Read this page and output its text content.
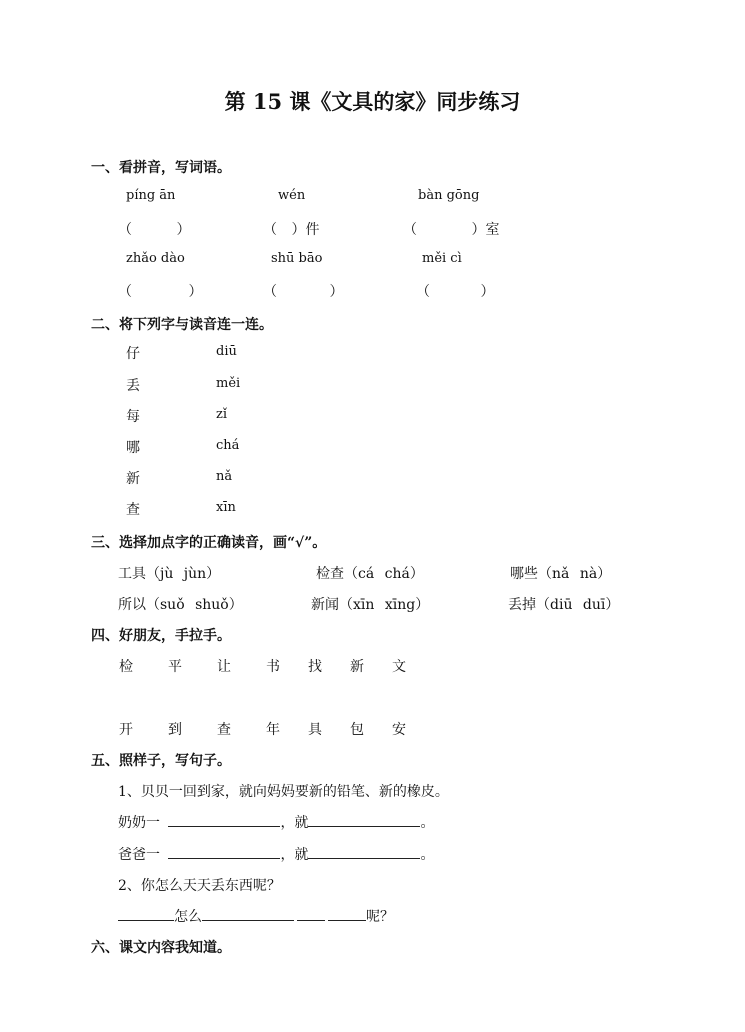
第 15 课《文具的家》同步练习
一、看拼音，写词语。
píng ān	wén	bàn gōng
（ ）	（ ）件	（ ）室
zhǎo dào	shū bāo	měi cì
（ ）	（ ）	（ ）
二、将下列字与读音连一连。
仔
丢
每
哪
新
查
diū
měi
zǐ
chá
nǎ
xīn
三、选择加点字的正确读音，画“√”。
工具（jù jùn）	检查（cá chá）	哪些（nǎ nà）
所以（suǒ shuǒ）	新闻（xīn xīng）	丢掉（diū duī）
四、好朋友，手拉手。
检	平	让	书 找 新 文
开	到	查	年 具 包 安
五、照样子，写句子。
1、贝贝一回到家，就向妈妈要新的铅笔、新的橡皮。
奶奶一	，就	。
爸爸一	，就	。
2、你怎么天天丢东西呢？
怎么	呢？
六、课文内容我知道。
